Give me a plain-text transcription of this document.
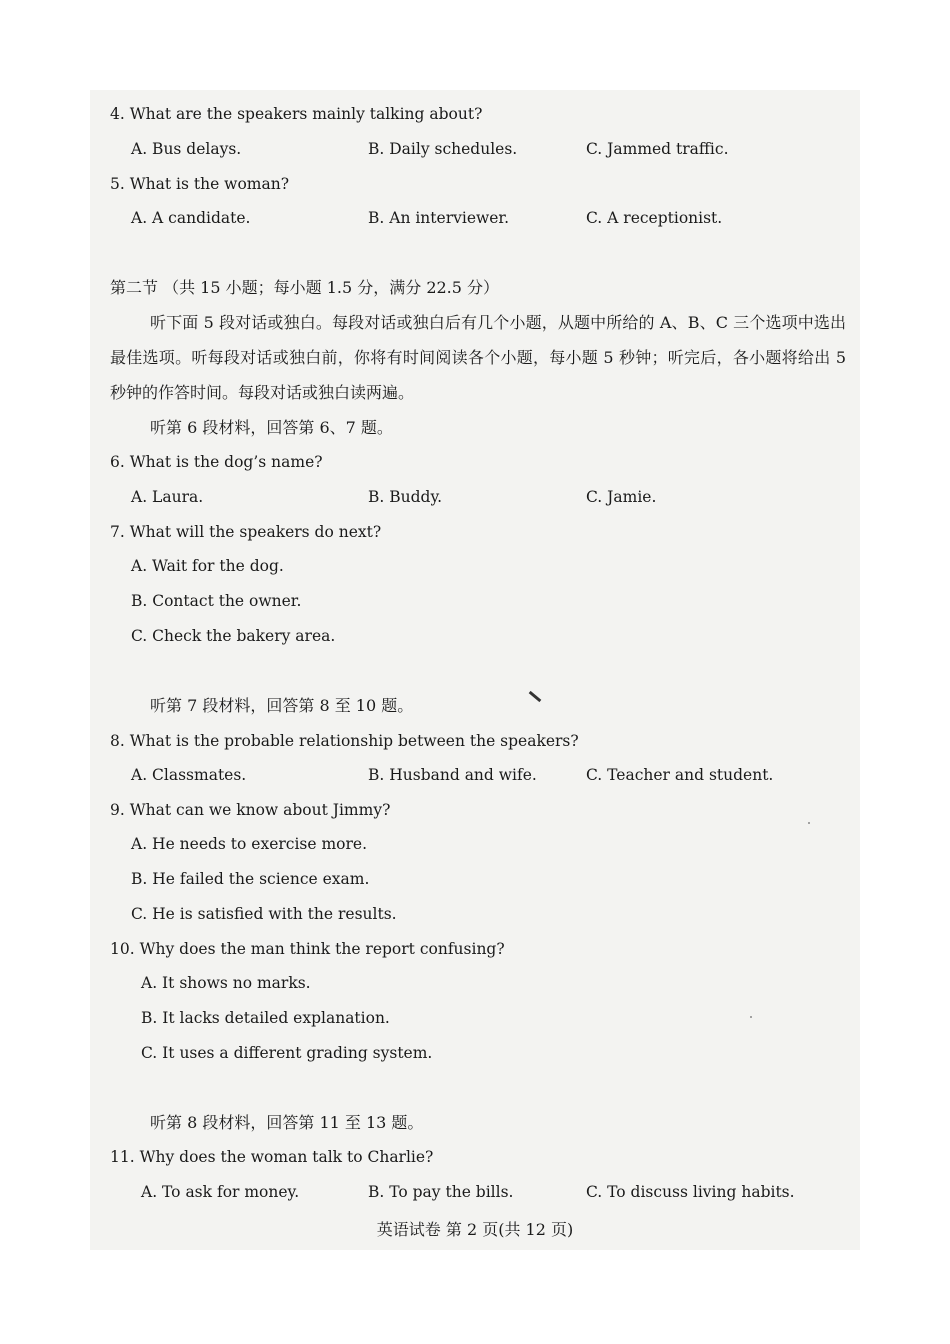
4. What are the speakers mainly talking about?
A. Bus delays.	B. Daily schedules.	C. Jammed traffic.
5. What is the woman?
A. A candidate.	B. An interviewer.	C. A receptionist.
第二节 （共 15 小题；每小题 1.5 分，满分 22.5 分）
听下面 5 段对话或独白。每段对话或独白后有几个小题，从题中所给的 A、B、C 三个选项中选出最佳选项。听每段对话或独白前，你将有时间阅读各个小题，每小题 5 秒钟；听完后，各小题将给出 5 秒钟的作答时间。每段对话或独白读两遍。
听第 6 段材料，回答第 6、7 题。
6. What is the dog’s name?
A. Laura.	B. Buddy.	C. Jamie.
7. What will the speakers do next?
A. Wait for the dog.
B. Contact the owner.
C. Check the bakery area.
听第 7 段材料，回答第 8 至 10 题。
8. What is the probable relationship between the speakers?
A. Classmates.	B. Husband and wife.	C. Teacher and student.
9. What can we know about Jimmy?
A. He needs to exercise more.
B. He failed the science exam.
C. He is satisfied with the results.
10. Why does the man think the report confusing?
A. It shows no marks.
B. It lacks detailed explanation.
C. It uses a different grading system.
听第 8 段材料，回答第 11 至 13 题。
11. Why does the woman talk to Charlie?
A. To ask for money.	B. To pay the bills.	C. To discuss living habits.
英语试卷 第 2 页(共 12 页)
